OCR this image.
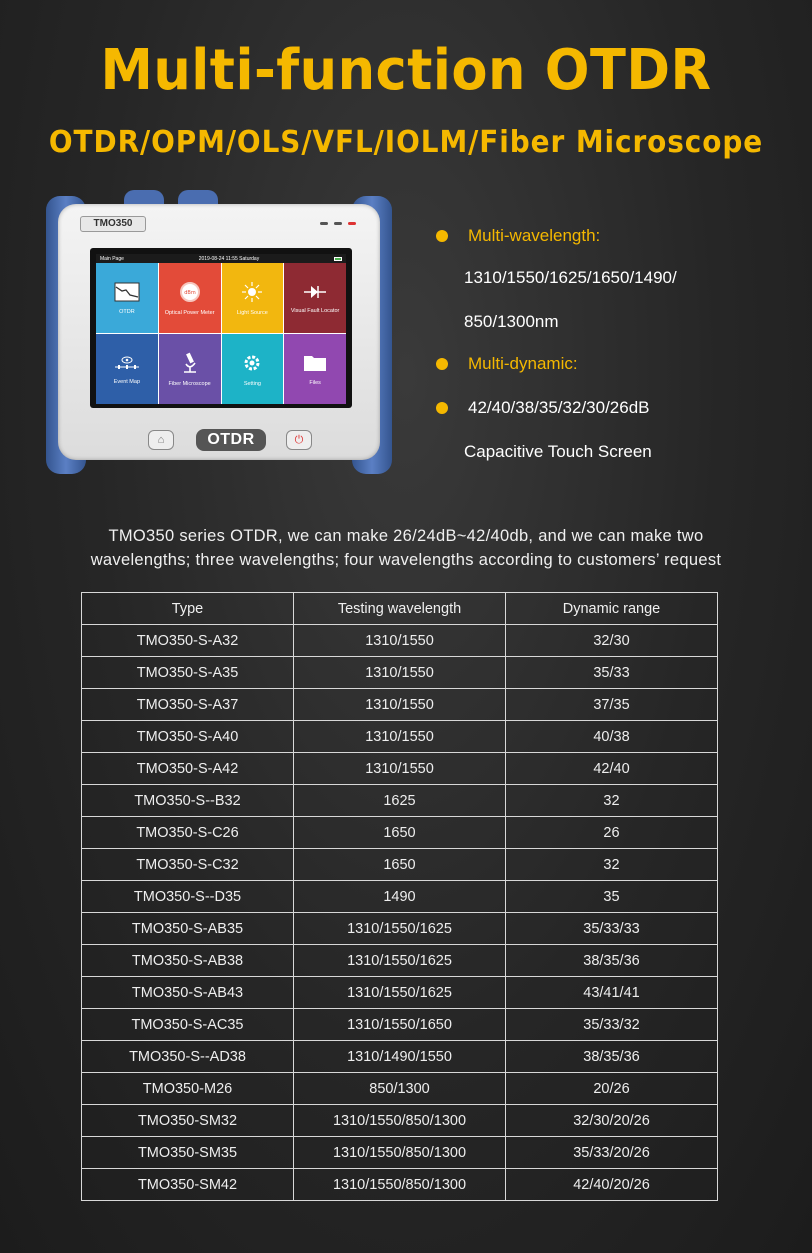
Multi-function OTDR
OTDR/OPM/OLS/VFL/IOLM/Fiber Microscope
TMO350
Main Page	2019-08-24 11:55 Saturday
OTDR
dBm
Optical Power Meter	Light Source	Visual Fault Locator
Event Map	Fiber Microscope	Setting	Files
⌂	OTDR	⏻
Multi-wavelength:
1310/1550/1625/1650/1490/
850/1300nm
Multi-dynamic:
42/40/38/35/32/30/26dB
Capacitive Touch Screen
TMO350 series OTDR, we can make 26/24dB~42/40db, and we can make two
wavelengths; three wavelengths; four wavelengths according to customers’ request
Type	Testing wavelength	Dynamic range
TMO350-S-A32	1310/1550	32/30
TMO350-S-A35	1310/1550	35/33
TMO350-S-A37	1310/1550	37/35
TMO350-S-A40	1310/1550	40/38
TMO350-S-A42	1310/1550	42/40
TMO350-S--B32	1625	32
TMO350-S-C26	1650	26
TMO350-S-C32	1650	32
TMO350-S--D35	1490	35
TMO350-S-AB35	1310/1550/1625	35/33/33
TMO350-S-AB38	1310/1550/1625	38/35/36
TMO350-S-AB43	1310/1550/1625	43/41/41
TMO350-S-AC35	1310/1550/1650	35/33/32
TMO350-S--AD38	1310/1490/1550	38/35/36
TMO350-M26	850/1300	20/26
TMO350-SM32	1310/1550/850/1300	32/30/20/26
TMO350-SM35	1310/1550/850/1300	35/33/20/26
TMO350-SM42	1310/1550/850/1300	42/40/20/26
